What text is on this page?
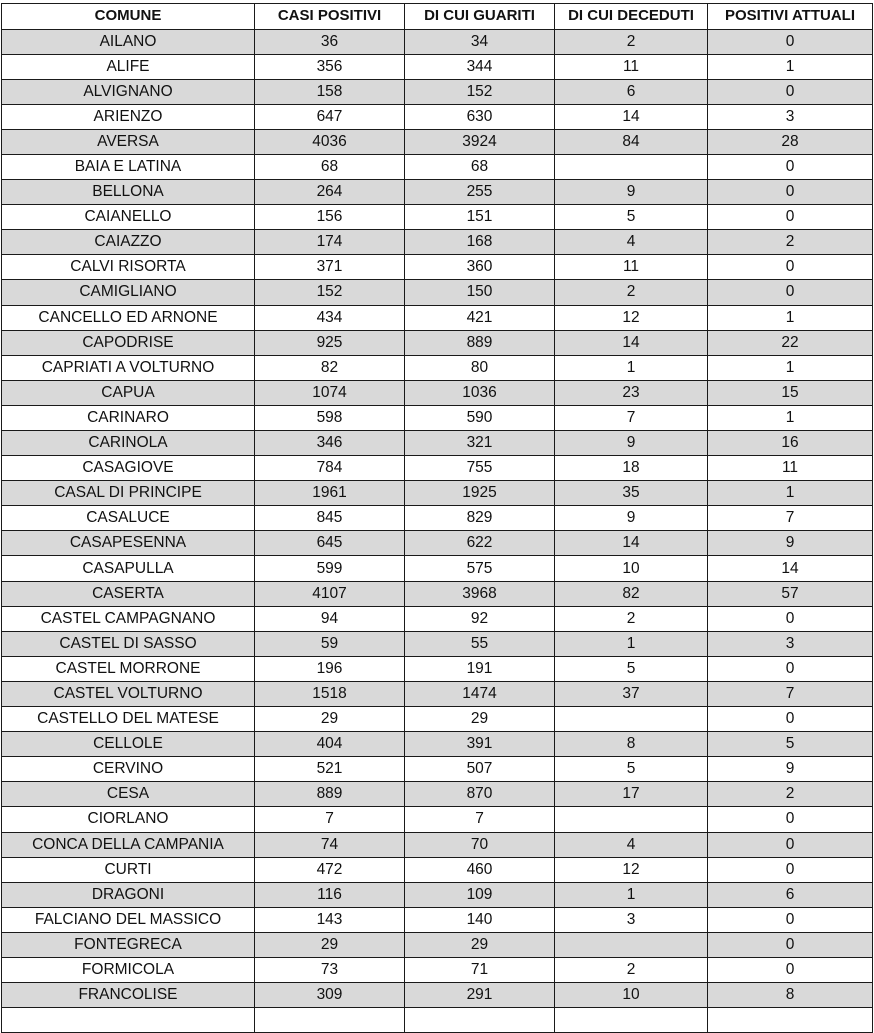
COMUNE	CASI POSITIVI	DI CUI GUARITI	DI CUI DECEDUTI	POSITIVI ATTUALI
AILANO	36	34	2	0
ALIFE	356	344	11	1
ALVIGNANO	158	152	6	0
ARIENZO	647	630	14	3
AVERSA	4036	3924	84	28
BAIA E LATINA	68	68		0
BELLONA	264	255	9	0
CAIANELLO	156	151	5	0
CAIAZZO	174	168	4	2
CALVI RISORTA	371	360	11	0
CAMIGLIANO	152	150	2	0
CANCELLO ED ARNONE	434	421	12	1
CAPODRISE	925	889	14	22
CAPRIATI A VOLTURNO	82	80	1	1
CAPUA	1074	1036	23	15
CARINARO	598	590	7	1
CARINOLA	346	321	9	16
CASAGIOVE	784	755	18	11
CASAL DI PRINCIPE	1961	1925	35	1
CASALUCE	845	829	9	7
CASAPESENNA	645	622	14	9
CASAPULLA	599	575	10	14
CASERTA	4107	3968	82	57
CASTEL CAMPAGNANO	94	92	2	0
CASTEL DI SASSO	59	55	1	3
CASTEL MORRONE	196	191	5	0
CASTEL VOLTURNO	1518	1474	37	7
CASTELLO DEL MATESE	29	29		0
CELLOLE	404	391	8	5
CERVINO	521	507	5	9
CESA	889	870	17	2
CIORLANO	7	7		0
CONCA DELLA CAMPANIA	74	70	4	0
CURTI	472	460	12	0
DRAGONI	116	109	1	6
FALCIANO DEL MASSICO	143	140	3	0
FONTEGRECA	29	29		0
FORMICOLA	73	71	2	0
FRANCOLISE	309	291	10	8
